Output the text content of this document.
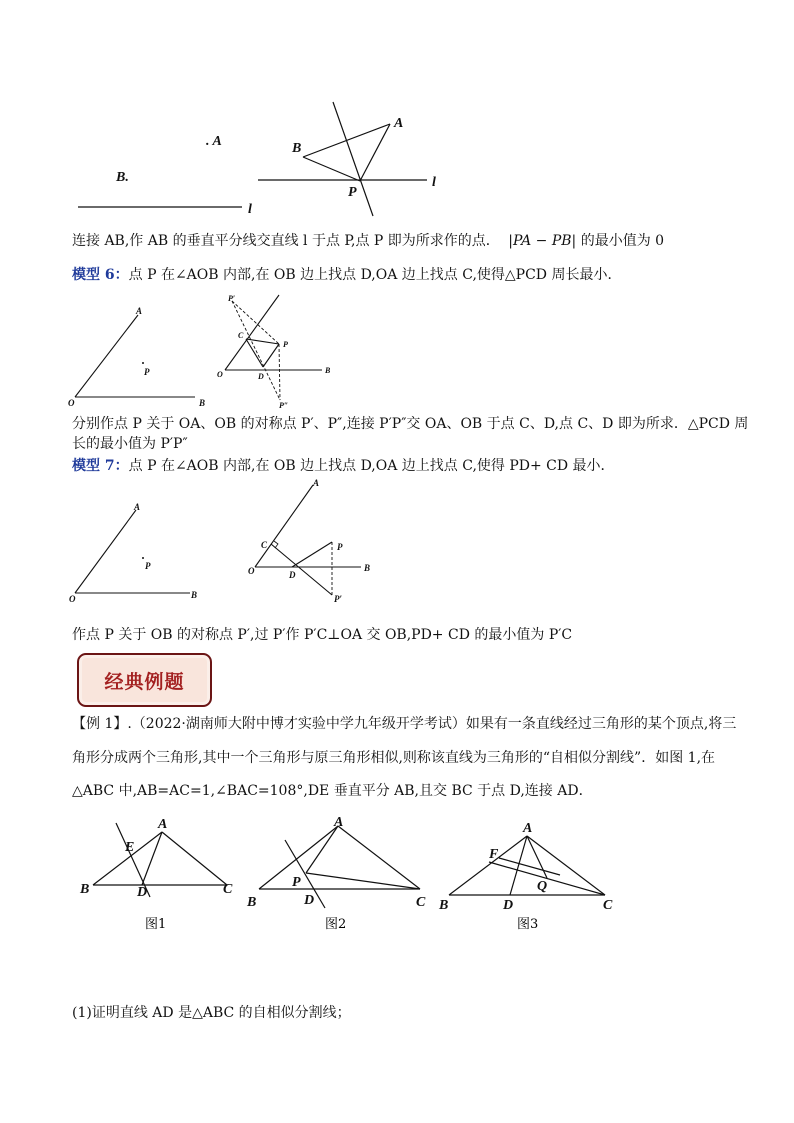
. A
B.
l
A
B
P
l
连接 AB,作 AB 的垂直平分线交直线 l 于点 P,点 P 即为所求作的点． |PA − PB| 的最小值为 0
模型 6：点 P 在∠AOB 内部,在 OB 边上找点 D,OA 边上找点 C,使得△PCD 周长最小．
A
P
O	B
P′
C
P
O	D
B
P″
分别作点 P 关于 OA、OB 的对称点 P′、P″,连接 P′P″交 OA、OB 于点 C、D,点 C、D 即为所求．△PCD 周
长的最小值为 P′P″
模型 7：点 P 在∠AOB 内部,在 OB 边上找点 D,OA 边上找点 C,使得 PD+ CD 最小．
A
P
O	B
A
C	P
O	D
B
P′
作点 P 关于 OB 的对称点 P′,过 P′作 P′C⊥OA 交 OB,PD+ CD 的最小值为 P′C
经典例题
【例 1】.（2022·湖南师大附中博才实验中学九年级开学考试）如果有一条直线经过三角形的某个顶点,将三
角形分成两个三角形,其中一个三角形与原三角形相似,则称该直线为三角形的“自相似分割线”．如图 1,在
△ABC 中,AB=AC=1,∠BAC=108°,DE 垂直平分 AB,且交 BC 于点 D,连接 AD．
A
E
B	D	C
图1
A
P
B	D	C
图2
A
F
Q
B	D	C
图3
(1)证明直线 AD 是△ABC 的自相似分割线；
